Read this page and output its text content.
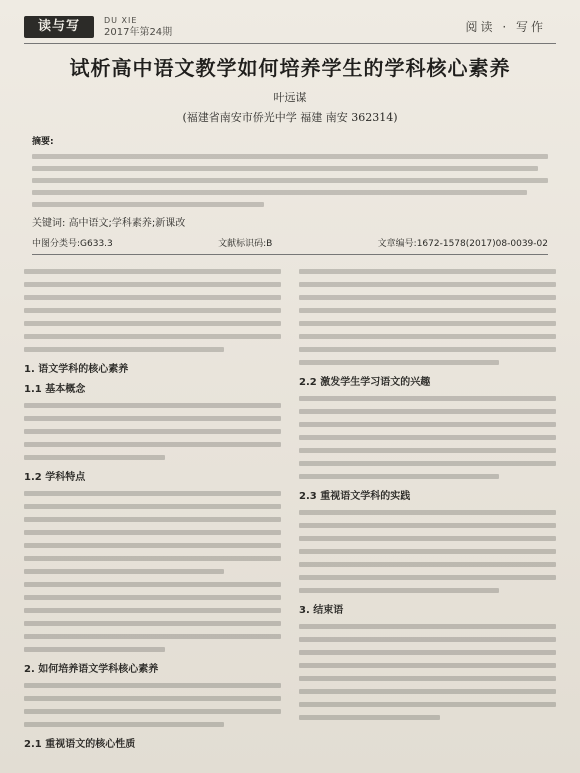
读与写	DU XIE
2017年第24期	阅读 · 写作
试析高中语文教学如何培养学生的学科核心素养
叶远谋
(福建省南安市侨光中学 福建 南安 362314)
摘要:
关键词: 高中语文;学科素养;新课改
中图分类号:G633.3	文献标识码:B	文章编号:1672-1578(2017)08-0039-02
1. 语文学科的核心素养
1.1 基本概念
1.2 学科特点
2. 如何培养语文学科核心素养
2.1 重视语文的核心性质
2.2 激发学生学习语文的兴趣
2.3 重视语文学科的实践
3. 结束语
